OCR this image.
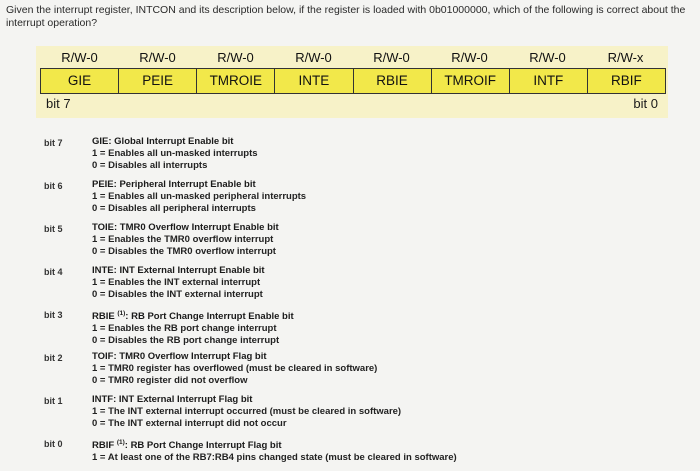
Given the interrupt register, INTCON and its description below, if the register is loaded with 0b01000000, which of the following is correct about the interrupt operation?
R/W-0	R/W-0	R/W-0	R/W-0	R/W-0	R/W-0	R/W-0	R/W-x
GIE	PEIE	TMROIE	INTE	RBIE	TMROIF	INTF	RBIF
bit 7	bit 0
bit 7	GIE: Global Interrupt Enable bit
1 = Enables all un-masked interrupts
0 = Disables all interrupts
bit 6	PEIE: Peripheral Interrupt Enable bit
1 = Enables all un-masked peripheral interrupts
0 = Disables all peripheral interrupts
bit 5	TOIE: TMR0 Overflow Interrupt Enable bit
1 = Enables the TMR0 overflow interrupt
0 = Disables the TMR0 overflow interrupt
bit 4	INTE: INT External Interrupt Enable bit
1 = Enables the INT external interrupt
0 = Disables the INT external interrupt
bit 3	RBIE $^{(1)}$: RB Port Change Interrupt Enable bit
1 = Enables the RB port change interrupt
0 = Disables the RB port change interrupt
bit 2	TOIF: TMR0 Overflow Interrupt Flag bit
1 = TMR0 register has overflowed (must be cleared in software)
0 = TMR0 register did not overflow
bit 1	INTF: INT External Interrupt Flag bit
1 = The INT external interrupt occurred (must be cleared in software)
0 = The INT external interrupt did not occur
bit 0	RBIF $^{(1)}$: RB Port Change Interrupt Flag bit
1 = At least one of the RB7:RB4 pins changed state (must be cleared in software)
